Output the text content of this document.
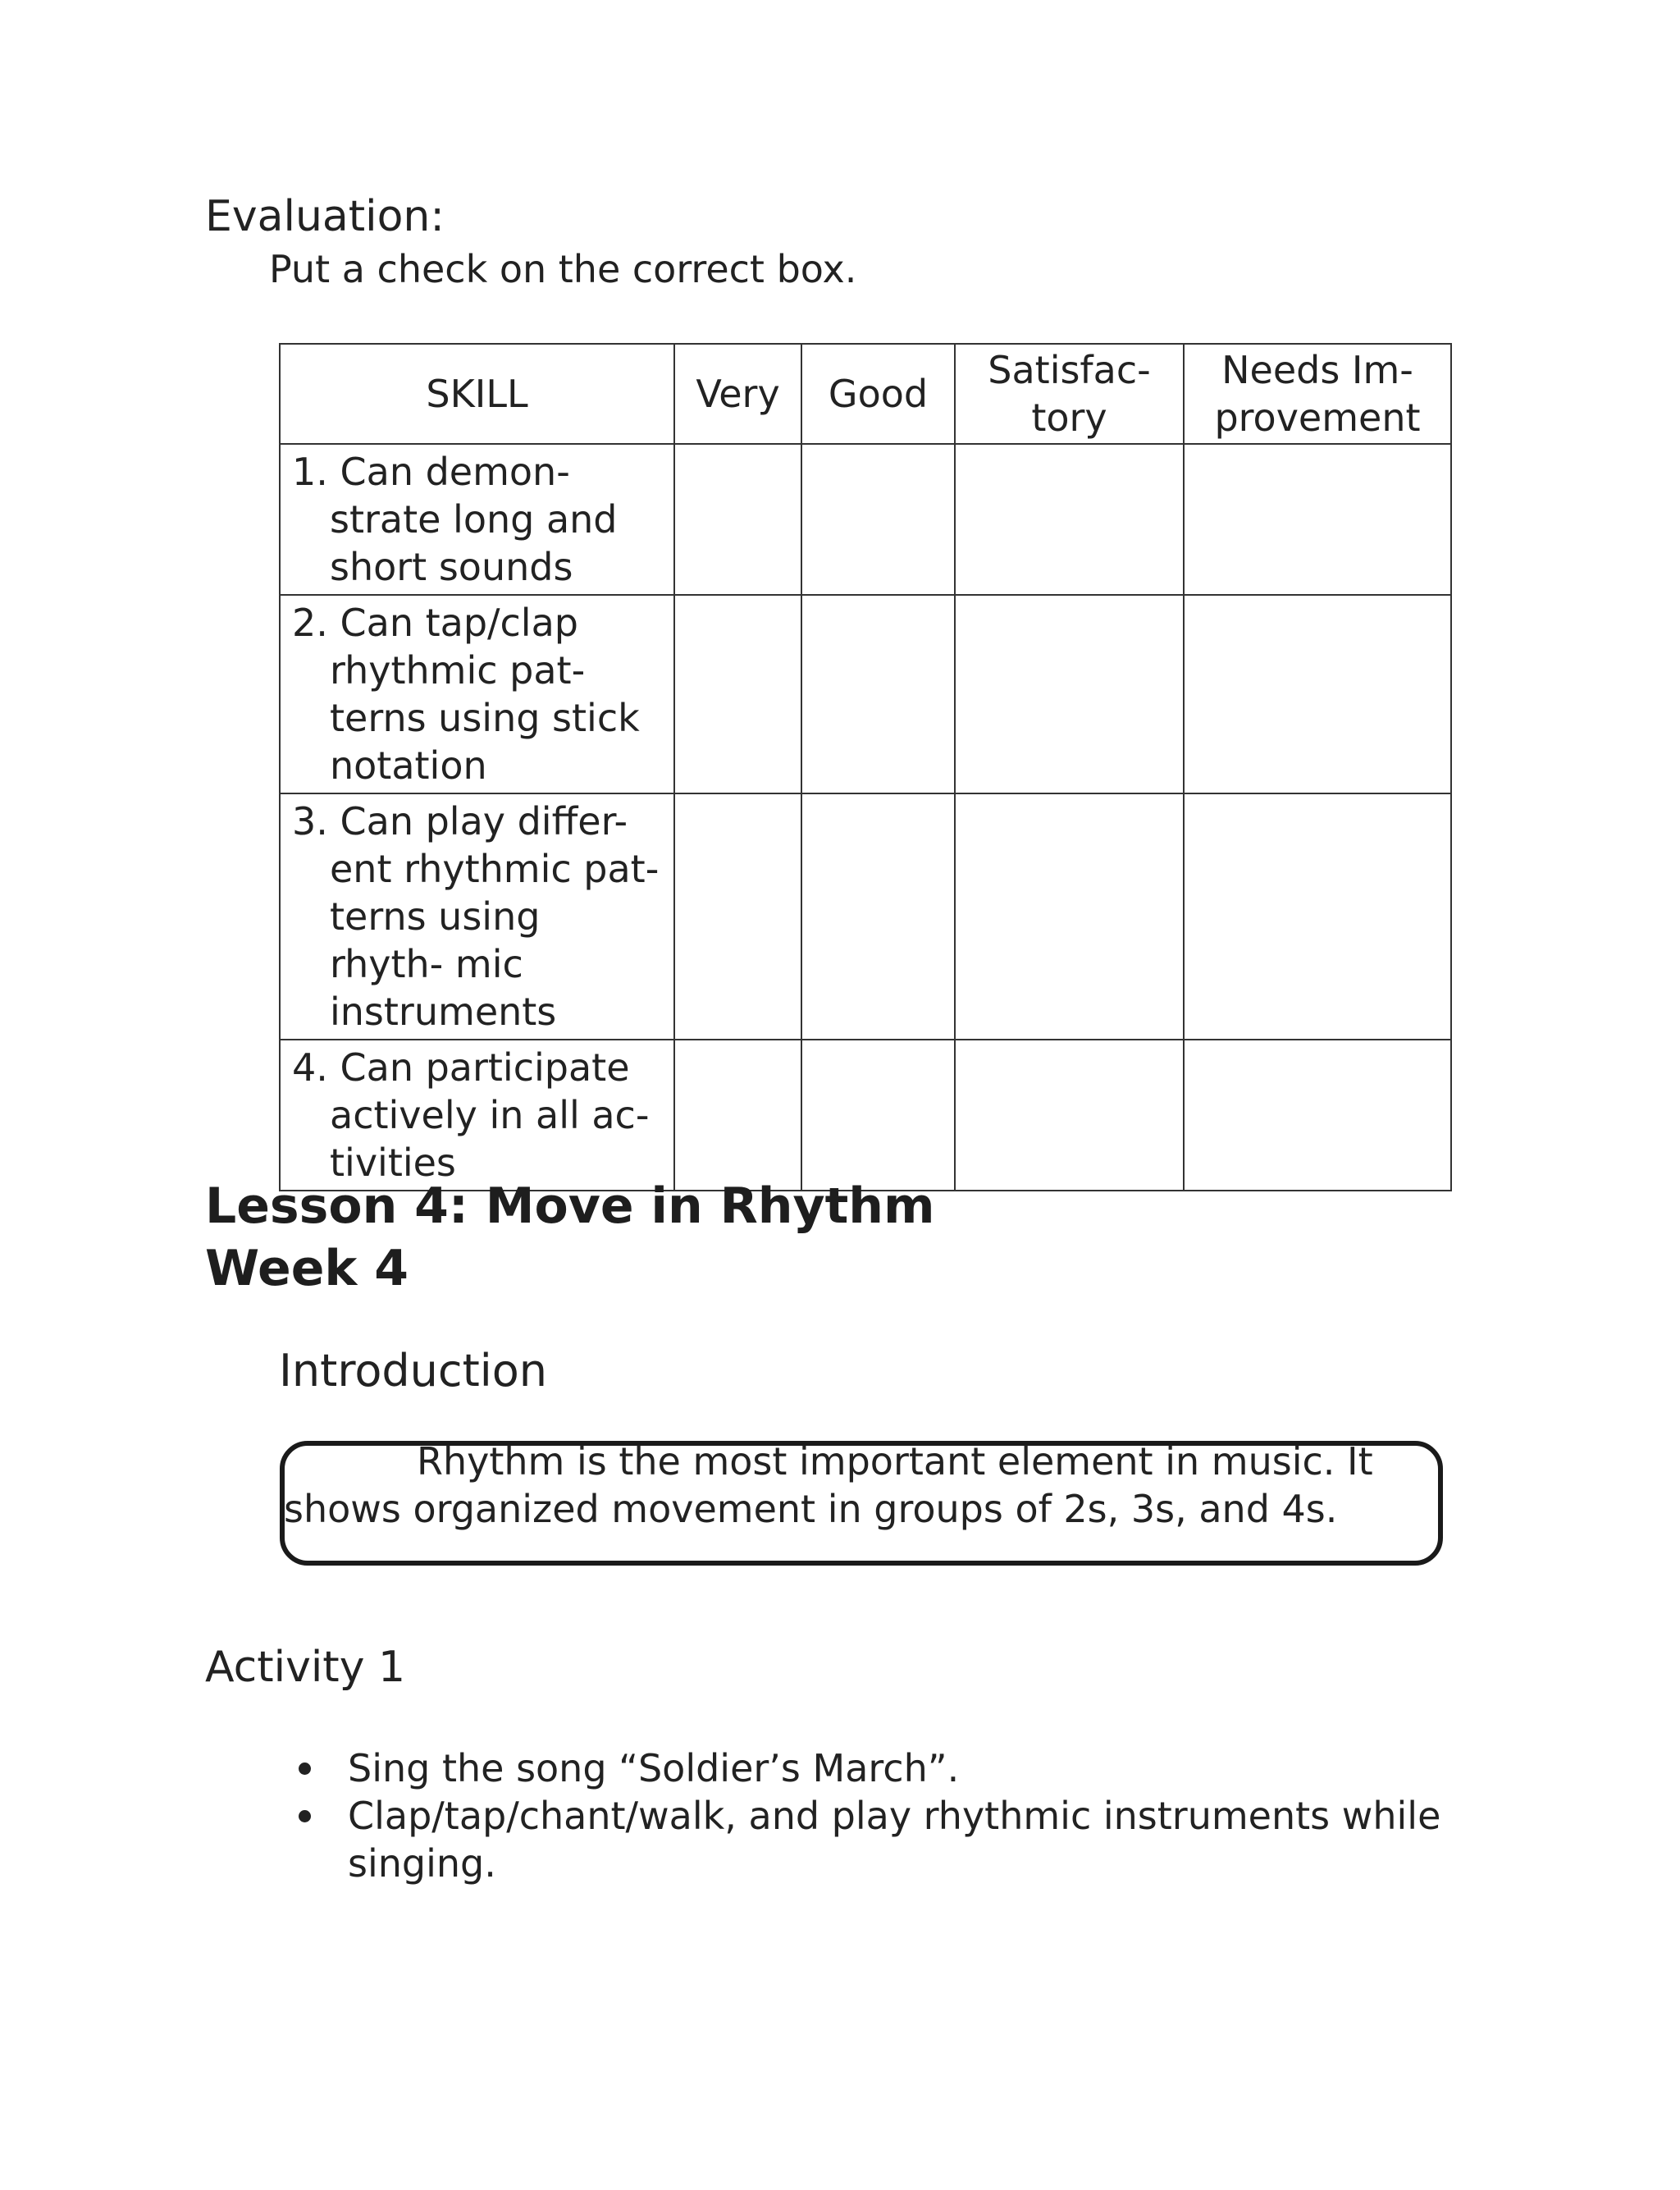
Evaluation:

Put a check on the correct box.

SKILL	Very	Good	Satisfac- tory	Needs Im- provement

1. Can demon- strate long and short sounds				

2. Can tap/clap rhythmic pat- terns using stick notation				

3. Can play differ- ent rhythmic pat- terns using rhyth- mic instruments				

4. Can participate actively in all ac- tivities				

Lesson 4: Move in Rhythm
Week 4
Introduction

Rhythm is the most important element in music. It shows organized movement in groups of 2s, 3s, and 4s.

Activity 1
Sing the song “Soldier’s March”.
Clap/tap/chant/walk, and play rhythmic instruments while singing.
